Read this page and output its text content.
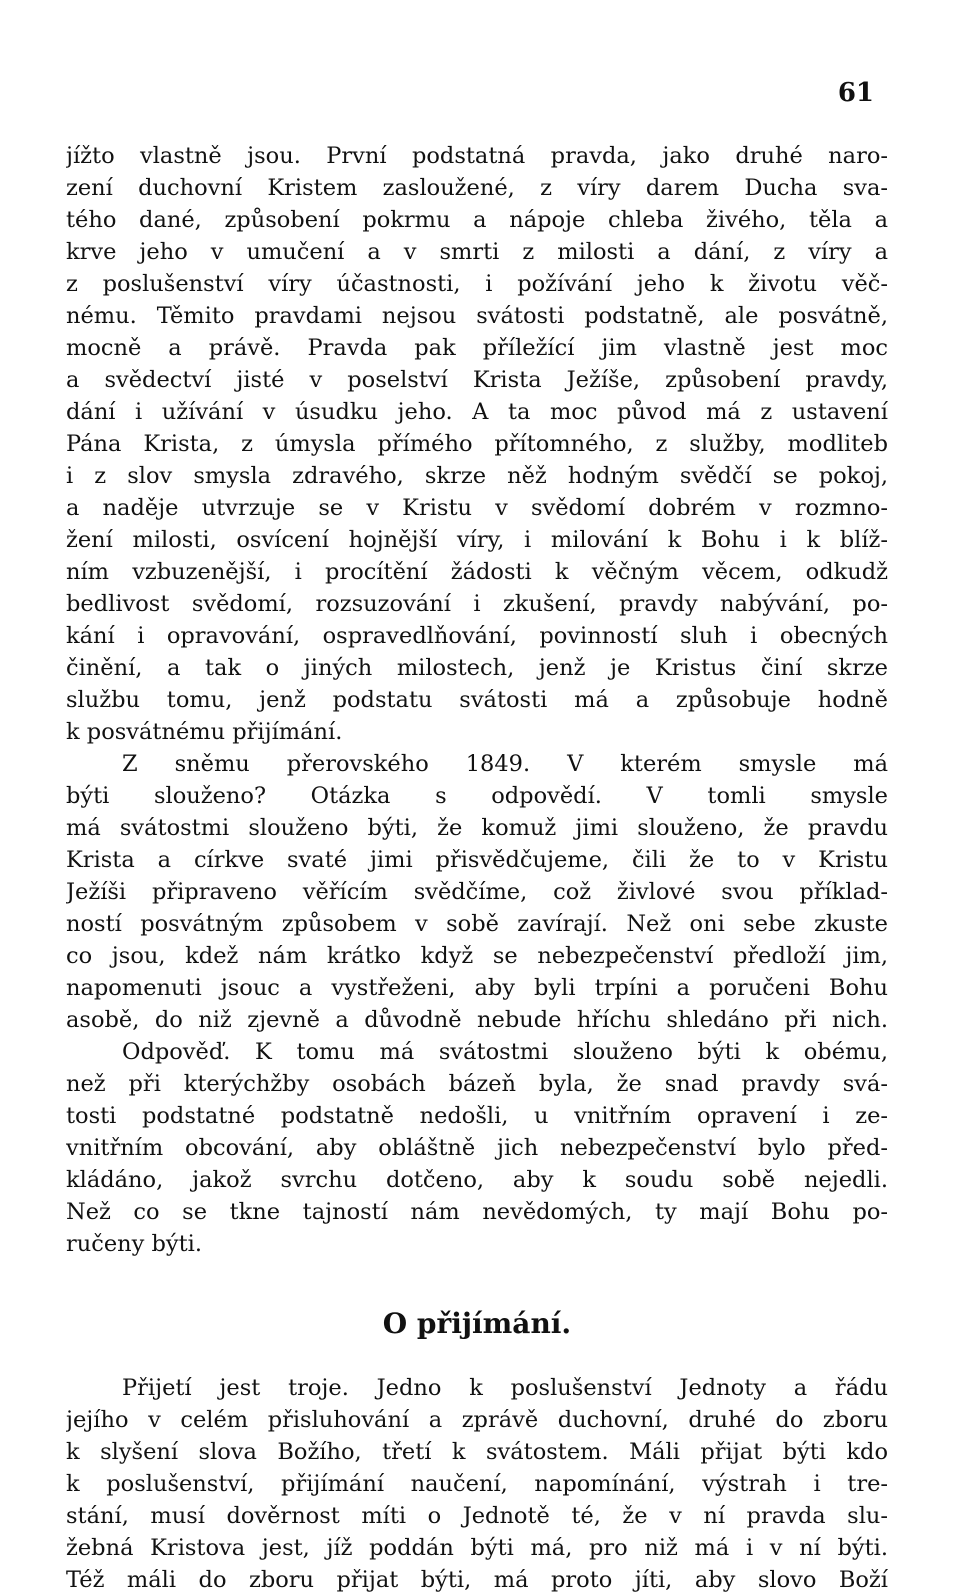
61
jížto vlastně jsou. První podstatná pravda, jako druhé naro-
zení duchovní Kristem zasloužené, z víry darem Ducha sva-
tého dané, způsobení pokrmu a nápoje chleba živého, těla a
krve jeho v umučení a v smrti z milosti a dání, z víry a
z poslušenství víry účastnosti, i požívání jeho k životu věč-
nému. Těmito pravdami nejsou svátosti podstatně, ale posvátně,
mocně a právě. Pravda pak příležící jim vlastně jest moc
a svědectví jisté v poselství Krista Ježíše, způsobení pravdy,
dání i užívání v úsudku jeho. A ta moc původ má z ustavení
Pána Krista, z úmysla přímého přítomného, z služby, modliteb
i z slov smysla zdravého, skrze něž hodným svědčí se pokoj,
a naděje utvrzuje se v Kristu v svědomí dobrém v rozmno-
žení milosti, osvícení hojnější víry, i milování k Bohu i k blíž-
ním vzbuzenější, i procítění žádosti k věčným věcem, odkudž
bedlivost svědomí, rozsuzování i zkušení, pravdy nabývání, po-
kání i opravování, ospravedlňování, povinností sluh i obecných
činění, a tak o jiných milostech, jenž je Kristus činí skrze
službu tomu, jenž podstatu svátosti má a způsobuje hodně
k posvátnému přijímání.
Z sněmu přerovského 1849. V kterém smysle má
býti slouženo? Otázka s odpovědí. V tomli smysle
má svátostmi slouženo býti, že komuž jimi slouženo, že pravdu
Krista a církve svaté jimi přisvědčujeme, čili že to v Kristu
Ježíši připraveno věřícím svědčíme, což živlové svou příklad-
ností posvátným způsobem v sobě zavírají. Než oni sebe zkuste
co jsou, kdež nám krátko když se nebezpečenství předloží jim,
napomenuti jsouc a vystřeženi, aby byli trpíni a poručeni Bohu
asobě, do niž zjevně a důvodně nebude hříchu shledáno při nich.
Odpověď. K tomu má svátostmi slouženo býti k obému,
než při kterýchžby osobách bázeň byla, že snad pravdy svá-
tosti podstatné podstatně nedošli, u vnitřním opravení i ze-
vnitřním obcování, aby obláštně jich nebezpečenství bylo před-
kládáno, jakož svrchu dotčeno, aby k soudu sobě nejedli.
Než co se tkne tajností nám nevědomých, ty mají Bohu po-
ručeny býti.
O přijímání.
Přijetí jest troje. Jedno k poslušenství Jednoty a řádu
jejího v celém přisluhování a zprávě duchovní, druhé do zboru
k slyšení slova Božího, třetí k svátostem. Máli přijat býti kdo
k poslušenství, přijímání naučení, napomínání, výstrah i tre-
stání, musí dověrnost míti o Jednotě té, že v ní pravda slu-
žebná Kristova jest, jíž poddán býti má, pro niž má i v ní býti.
Též máli do zboru přijat býti, má proto jíti, aby slovo Boží
